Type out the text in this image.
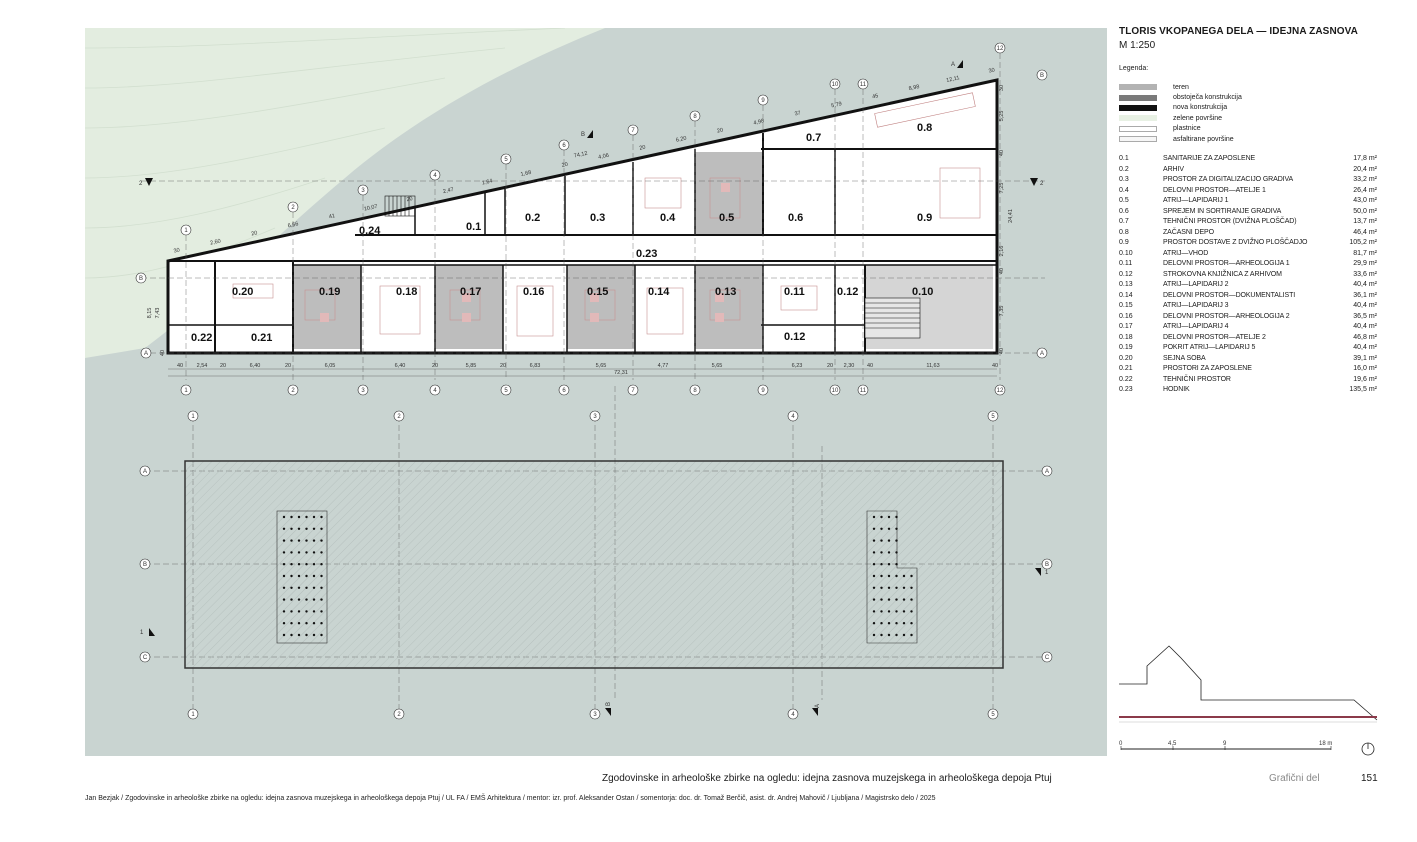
0.20
0.21
0.22
0.19	0.18	0.17	0.16	0.15	0.14	0.13	0.11	0.12
0.12
0.10
0.23
0.24	0.1
0.2	0.3	0.4	0.5	0.6
0.7
0.8
0.9
1
2
3
4
5
6
7
8
9
10	11
12
1	2	3	4	5	6	7	8	9	10	11	12
B
A
B
A
2	2
A
B
40 2,54 20	6,40	20	6,05	6,40	20	5,85	20	6,83	5,65	4,77	5,65	6,23	20 2,30 40	11,63	40
72,31
30
5,25
40
7,25
2,16
40
7,35
40
24,41
8,15 7,43
40
30
2,60
20
6,56
41
10,07
20
2,47
1,64
1,68
20
4,06
20
6,20
20
4,98
37
5,79
45
8,98
12,11
30
74,12
1	2	3	4	5
1	2	3	4	5
A	A
B	B
C	C
1
1
B	A
TLORIS VKOPANEGA DELA — IDEJNA ZASNOVA
M 1:250
Legenda:
teren
obstoječa konstrukcija
nova konstrukcija
zelene površine
plastnice
asfaltirane površine
0.1	SANITARIJE ZA ZAPOSLENE	17,8 m²
0.2	ARHIV	20,4 m²
0.3	PROSTOR ZA DIGITALIZACIJO GRADIVA	33,2 m²
0.4	DELOVNI PROSTOR—ATELJE 1	26,4 m²
0.5	ATRIJ—LAPIDARIJ 1	43,0 m²
0.6	SPREJEM IN SORTIRANJE GRADIVA	50,0 m²
0.7	TEHNIČNI PROSTOR (DVIŽNA PLOŠČAD)	13,7 m²
0.8	ZAČASNI DEPO	46,4 m²
0.9	PROSTOR DOSTAVE Z DVIŽNO PLOŠČADJO	105,2 m²
0.10	ATRIJ—VHOD	81,7 m²
0.11	DELOVNI PROSTOR—ARHEOLOGIJA 1	29,9 m²
0.12	STROKOVNA KNJIŽNICA Z ARHIVOM	33,6 m²
0.13	ATRIJ—LAPIDARIJ 2	40,4 m²
0.14	DELOVNI PROSTOR—DOKUMENTALISTI	36,1 m²
0.15	ATRIJ—LAPIDARIJ 3	40,4 m²
0.16	DELOVNI PROSTOR—ARHEOLOGIJA 2	36,5 m²
0.17	ATRIJ—LAPIDARIJ 4	40,4 m²
0.18	DELOVNI PROSTOR—ATELJE 2	46,8 m²
0.19	POKRIT ATRIJ—LAPIDARIJ 5	40,4 m²
0.20	SEJNA SOBA	39,1 m²
0.21	PROSTORI ZA ZAPOSLENE	16,0 m²
0.22	TEHNIČNI PROSTOR	19,6 m²
0.23	HODNIK	135,5 m²
0	4,5	9	18 m
Zgodovinske in arheološke zbirke na ogledu: idejna zasnova muzejskega in arheološkega depoja Ptuj	Grafični del	151
Jan Bezjak / Zgodovinske in arheološke zbirke na ogledu: idejna zasnova muzejskega in arheološkega depoja Ptuj / UL FA / EMŠ Arhitektura / mentor: izr. prof. Aleksander Ostan / somentorja: doc. dr. Tomaž Berčič, asist. dr. Andrej Mahovič / Ljubljana / Magistrsko delo / 2025
